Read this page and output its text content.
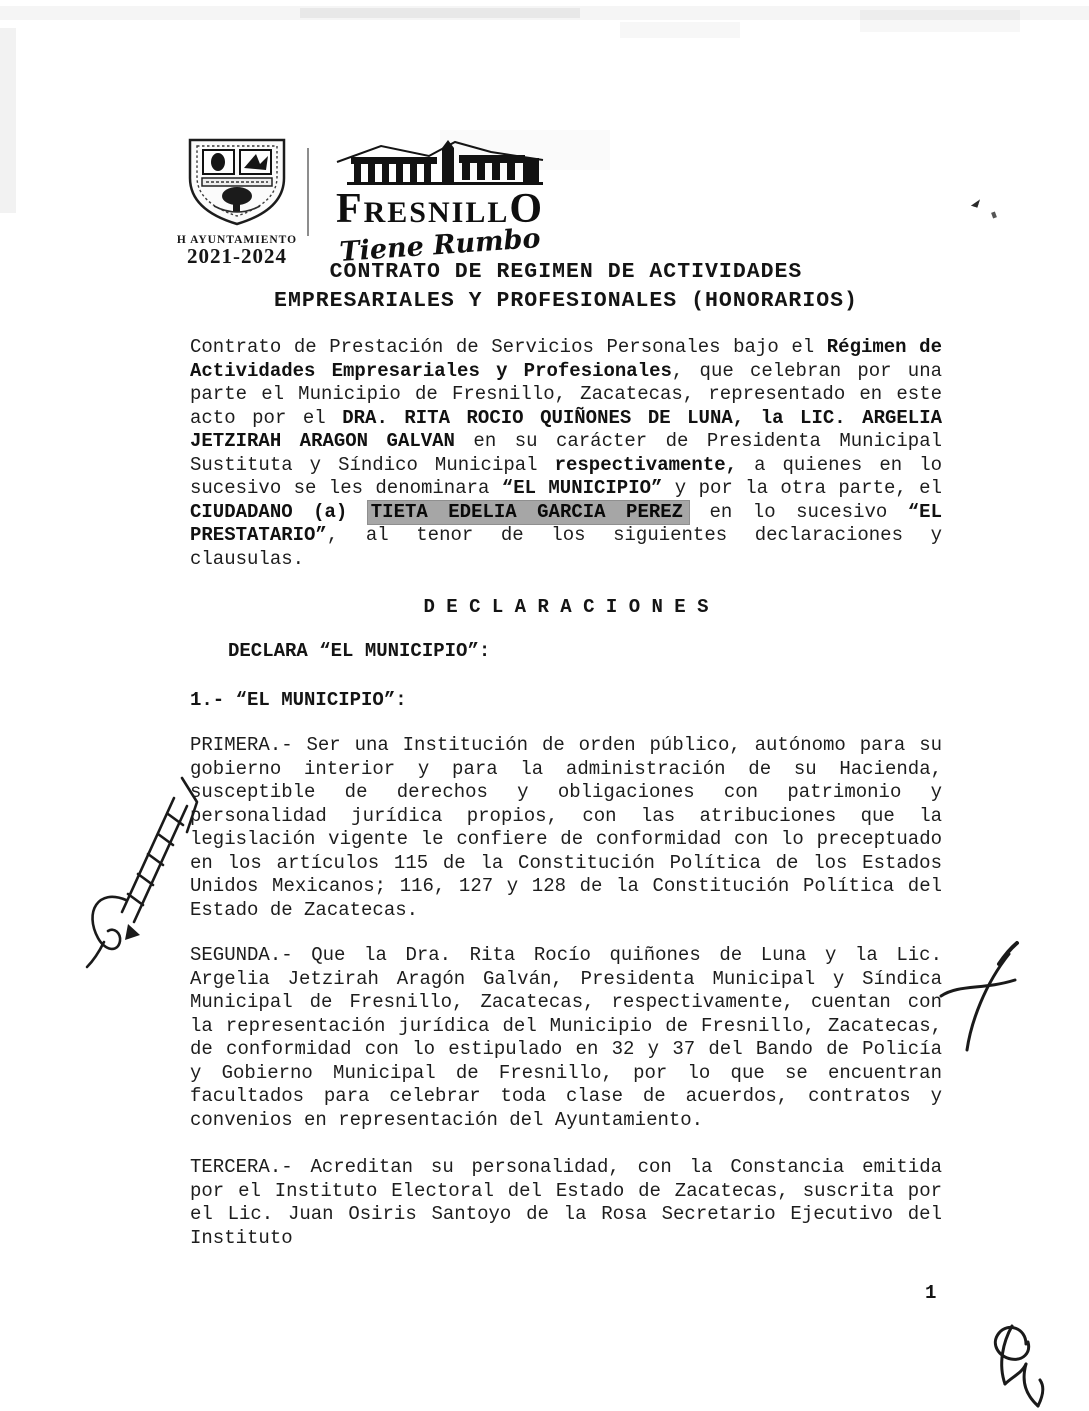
H AYUNTAMIENTO
2021-2024
FRESNILLO
Tiene Rumbo
CONTRATO DE REGIMEN DE ACTIVIDADES
EMPRESARIALES Y PROFESIONALES (HONORARIOS)

Contrato de Prestación de Servicios Personales bajo el Régimen de Actividades Empresariales y Profesionales, que celebran por una parte el Municipio de Fresnillo, Zacatecas, representado en este acto por el DRA. RITA ROCIO QUIÑONES DE LUNA, la LIC. ARGELIA JETZIRAH ARAGON GALVAN en su carácter de Presidenta Municipal Sustituta y Síndico Municipal respectivamente, a quienes en lo sucesivo se les denominara “EL MUNICIPIO” y por la otra parte, el CIUDADANO (a) TIETA EDELIA GARCIA PEREZ en lo sucesivo “EL PRESTATARIO”, al tenor de los siguientes declaraciones y clausulas.

D E C L A R A C I O N E S
DECLARA “EL MUNICIPIO”:
1.- “EL MUNICIPIO”:

PRIMERA.- Ser una Institución de orden público, autónomo para su gobierno interior y para la administración de su Hacienda, susceptible de derechos y obligaciones con patrimonio y personalidad jurídica propios, con las atribuciones que la legislación vigente le confiere de conformidad con lo preceptuado en los artículos 115 de la Constitución Política de los Estados Unidos Mexicanos; 116, 127 y 128 de la Constitución Política del Estado de Zacatecas.

SEGUNDA.- Que la Dra. Rita Rocío quiñones de Luna y la Lic. Argelia Jetzirah Aragón Galván, Presidenta Municipal y Síndica Municipal de Fresnillo, Zacatecas, respectivamente, cuentan con la representación jurídica del Municipio de Fresnillo, Zacatecas, de conformidad con lo estipulado en 32 y 37 del Bando de Policía y Gobierno Municipal de Fresnillo, por lo que se encuentran facultados para celebrar toda clase de acuerdos, contratos y convenios en representación del Ayuntamiento.

TERCERA.- Acreditan su personalidad, con la Constancia emitida por el Instituto Electoral del Estado de Zacatecas, suscrita por el Lic. Juan Osiris Santoyo de la Rosa Secretario Ejecutivo del Instituto

1
